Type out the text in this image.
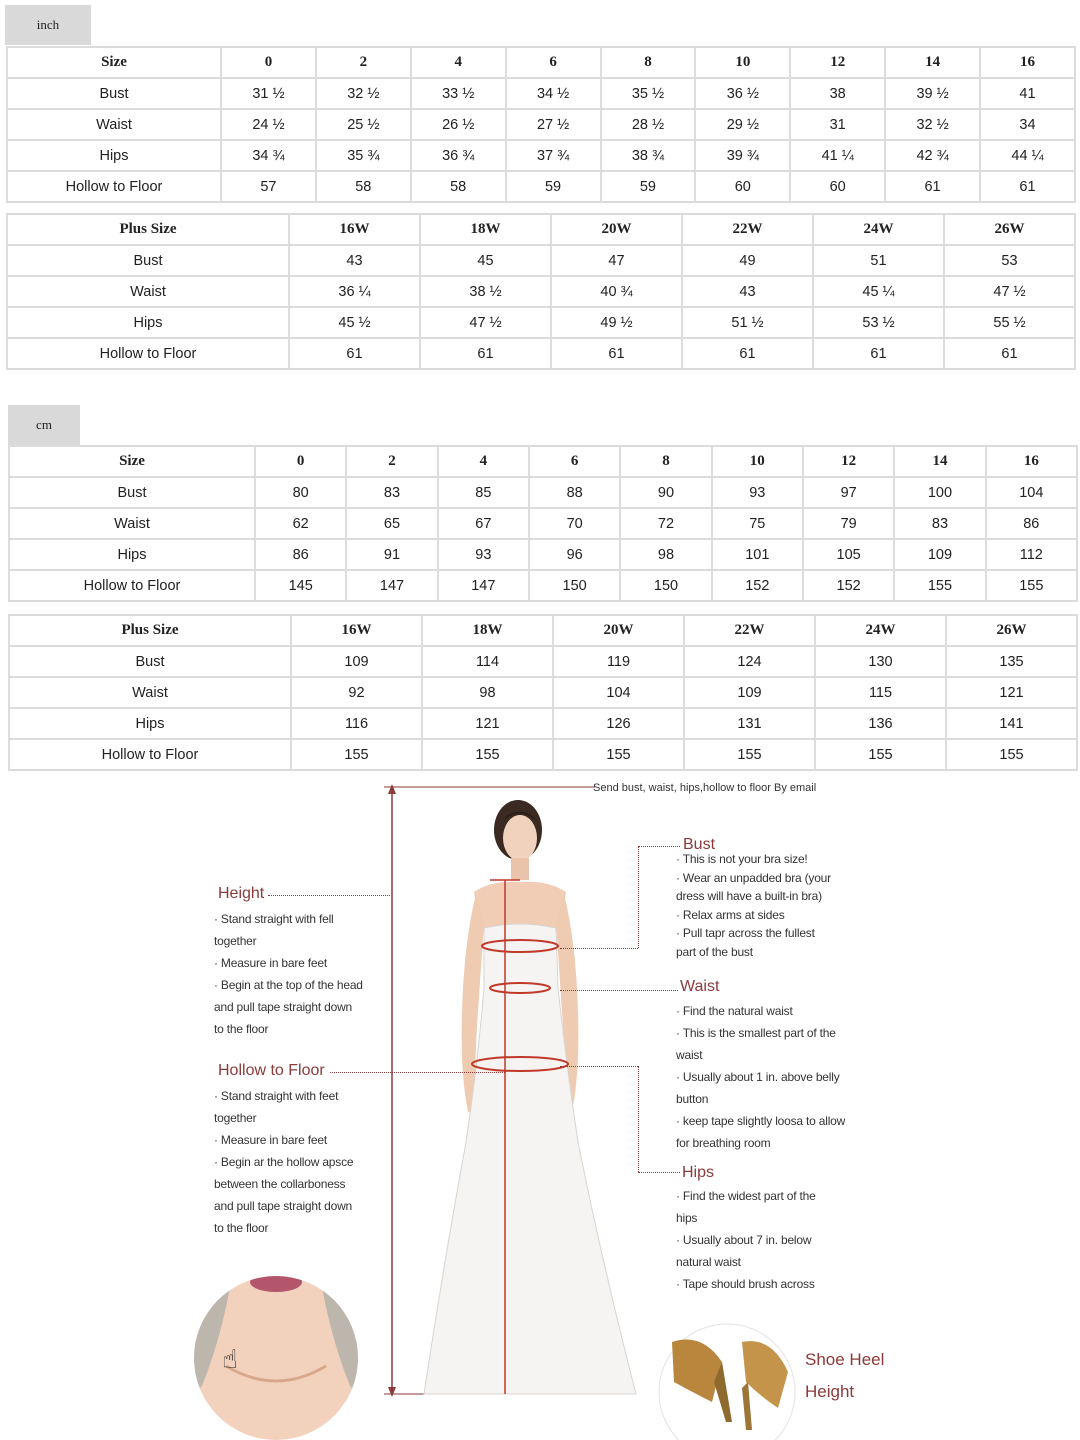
inch
Size	0	2	4	6	8	10	12	14	16
Bust	31 ½	32 ½	33 ½	34 ½	35 ½	36 ½	38	39 ½	41
Waist	24 ½	25 ½	26 ½	27 ½	28 ½	29 ½	31	32 ½	34
Hips	34 ¾	35 ¾	36 ¾	37 ¾	38 ¾	39 ¾	41 ¼	42 ¾	44 ¼
Hollow to Floor	57	58	58	59	59	60	60	61	61
Plus Size	16W	18W	20W	22W	24W	26W
Bust	43	45	47	49	51	53
Waist	36 ¼	38 ½	40 ¾	43	45 ¼	47 ½
Hips	45 ½	47 ½	49 ½	51 ½	53 ½	55 ½
Hollow to Floor	61	61	61	61	61	61
cm
Size	0	2	4	6	8	10	12	14	16
Bust	80	83	85	88	90	93	97	100	104
Waist	62	65	67	70	72	75	79	83	86
Hips	86	91	93	96	98	101	105	109	112
Hollow to Floor	145	147	147	150	150	152	152	155	155
Plus Size	16W	18W	20W	22W	24W	26W
Bust	109	114	119	124	130	135
Waist	92	98	104	109	115	121
Hips	116	121	126	131	136	141
Hollow to Floor	155	155	155	155	155	155
Send bust, waist, hips,hollow to floor By email
Height
· Stand straight with fell
together
· Measure in bare feet
· Begin at the top of the head
and pull tape straight down
to the floor
Hollow to Floor
· Stand straight with feet
together
· Measure in bare feet
· Begin ar the hollow apsce
between the collarboness
and pull tape straight down
to the floor
Bust
· This is not your bra size!
· Wear an unpadded bra (your
dress will have a built-in bra)
· Relax arms at sides
· Pull tapr across the fullest
part of the bust
Waist
· Find the natural waist
· This is the smallest part of the
waist
· Usually about 1 in. above belly
button
· keep tape slightly loosa to allow
for breathing room
Hips
· Find the widest part of the
hips
· Usually about 7 in. below
natural waist
· Tape should brush across
☝	Shoe Heel
Height
